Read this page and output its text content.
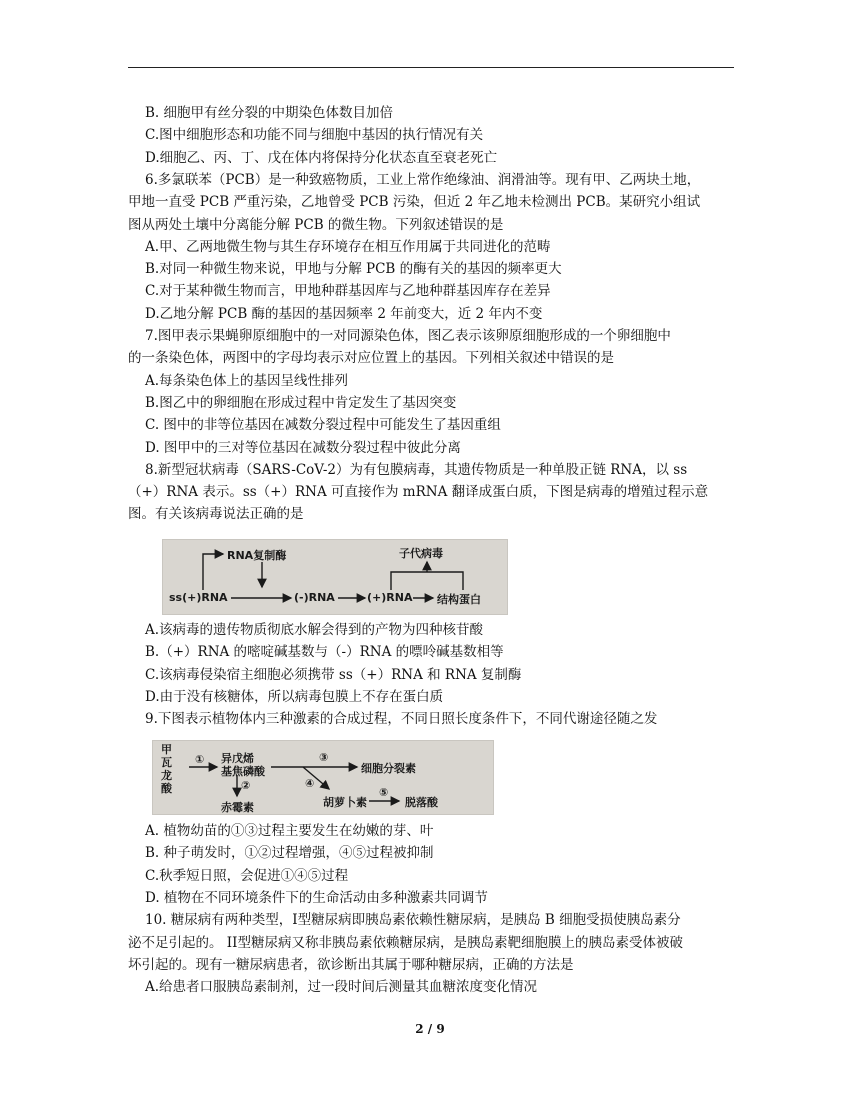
B. 细胞甲有丝分裂的中期染色体数目加倍
C.图中细胞形态和功能不同与细胞中基因的执行情况有关
D.细胞乙、丙、丁、戊在体内将保持分化状态直至衰老死亡
6.多氯联苯（PCB）是一种致癌物质，工业上常作绝缘油、润滑油等。现有甲、乙两块土地，
甲地一直受 PCB 严重污染，乙地曾受 PCB 污染，但近 2 年乙地未检测出 PCB。某研究小组试
图从两处土壤中分离能分解 PCB 的微生物。下列叙述错误的是
A.甲、乙两地微生物与其生存环境存在相互作用属于共同进化的范畴
B.对同一种微生物来说，甲地与分解 PCB 的酶有关的基因的频率更大
C.对于某种微生物而言，甲地种群基因库与乙地种群基因库存在差异
D.乙地分解 PCB 酶的基因的基因频率 2 年前变大，近 2 年内不变
7.图甲表示果蝇卵原细胞中的一对同源染色体，图乙表示该卵原细胞形成的一个卵细胞中
的一条染色体，两图中的字母均表示对应位置上的基因。下列相关叙述中错误的是
A.每条染色体上的基因呈线性排列
B.图乙中的卵细胞在形成过程中肯定发生了基因突变
C. 图中的非等位基因在减数分裂过程中可能发生了基因重组
D. 图甲中的三对等位基因在减数分裂过程中彼此分离
8.新型冠状病毒（SARS-CoV-2）为有包膜病毒，其遗传物质是一种单股正链 RNA，以 ss
（+）RNA 表示。ss（+）RNA 可直接作为 mRNA 翻译成蛋白质，下图是病毒的增殖过程示意
图。有关该病毒说法正确的是
RNA复制酶	子代病毒
ss(+)RNA	(-)RNA	(+)RNA 结构蛋白
A.该病毒的遗传物质彻底水解会得到的产物为四种核苷酸
B.（+）RNA 的嘧啶碱基数与（-）RNA 的嘌呤碱基数相等
C.该病毒侵染宿主细胞必须携带 ss（+）RNA 和 RNA 复制酶
D.由于没有核糖体，所以病毒包膜上不存在蛋白质
9.下图表示植物体内三种激素的合成过程，不同日照长度条件下，不同代谢途径随之发
甲瓦龙酸
① 异戊烯
基焦磷酸
②
赤霉素
③
细胞分裂素
④
胡萝卜素
⑤
脱落酸
A. 植物幼苗的①③过程主要发生在幼嫩的芽、叶
B. 种子萌发时，①②过程增强，④⑤过程被抑制
C.秋季短日照，会促进①④⑤过程
D. 植物在不同环境条件下的生命活动由多种激素共同调节
10. 糖尿病有两种类型，I型糖尿病即胰岛素依赖性糖尿病，是胰岛 B 细胞受损使胰岛素分
泌不足引起的。 II型糖尿病又称非胰岛素依赖糖尿病，是胰岛素靶细胞膜上的胰岛素受体被破
坏引起的。现有一糖尿病患者，欲诊断出其属于哪种糖尿病，正确的方法是
A.给患者口服胰岛素制剂，过一段时间后测量其血糖浓度变化情况
2 / 9
